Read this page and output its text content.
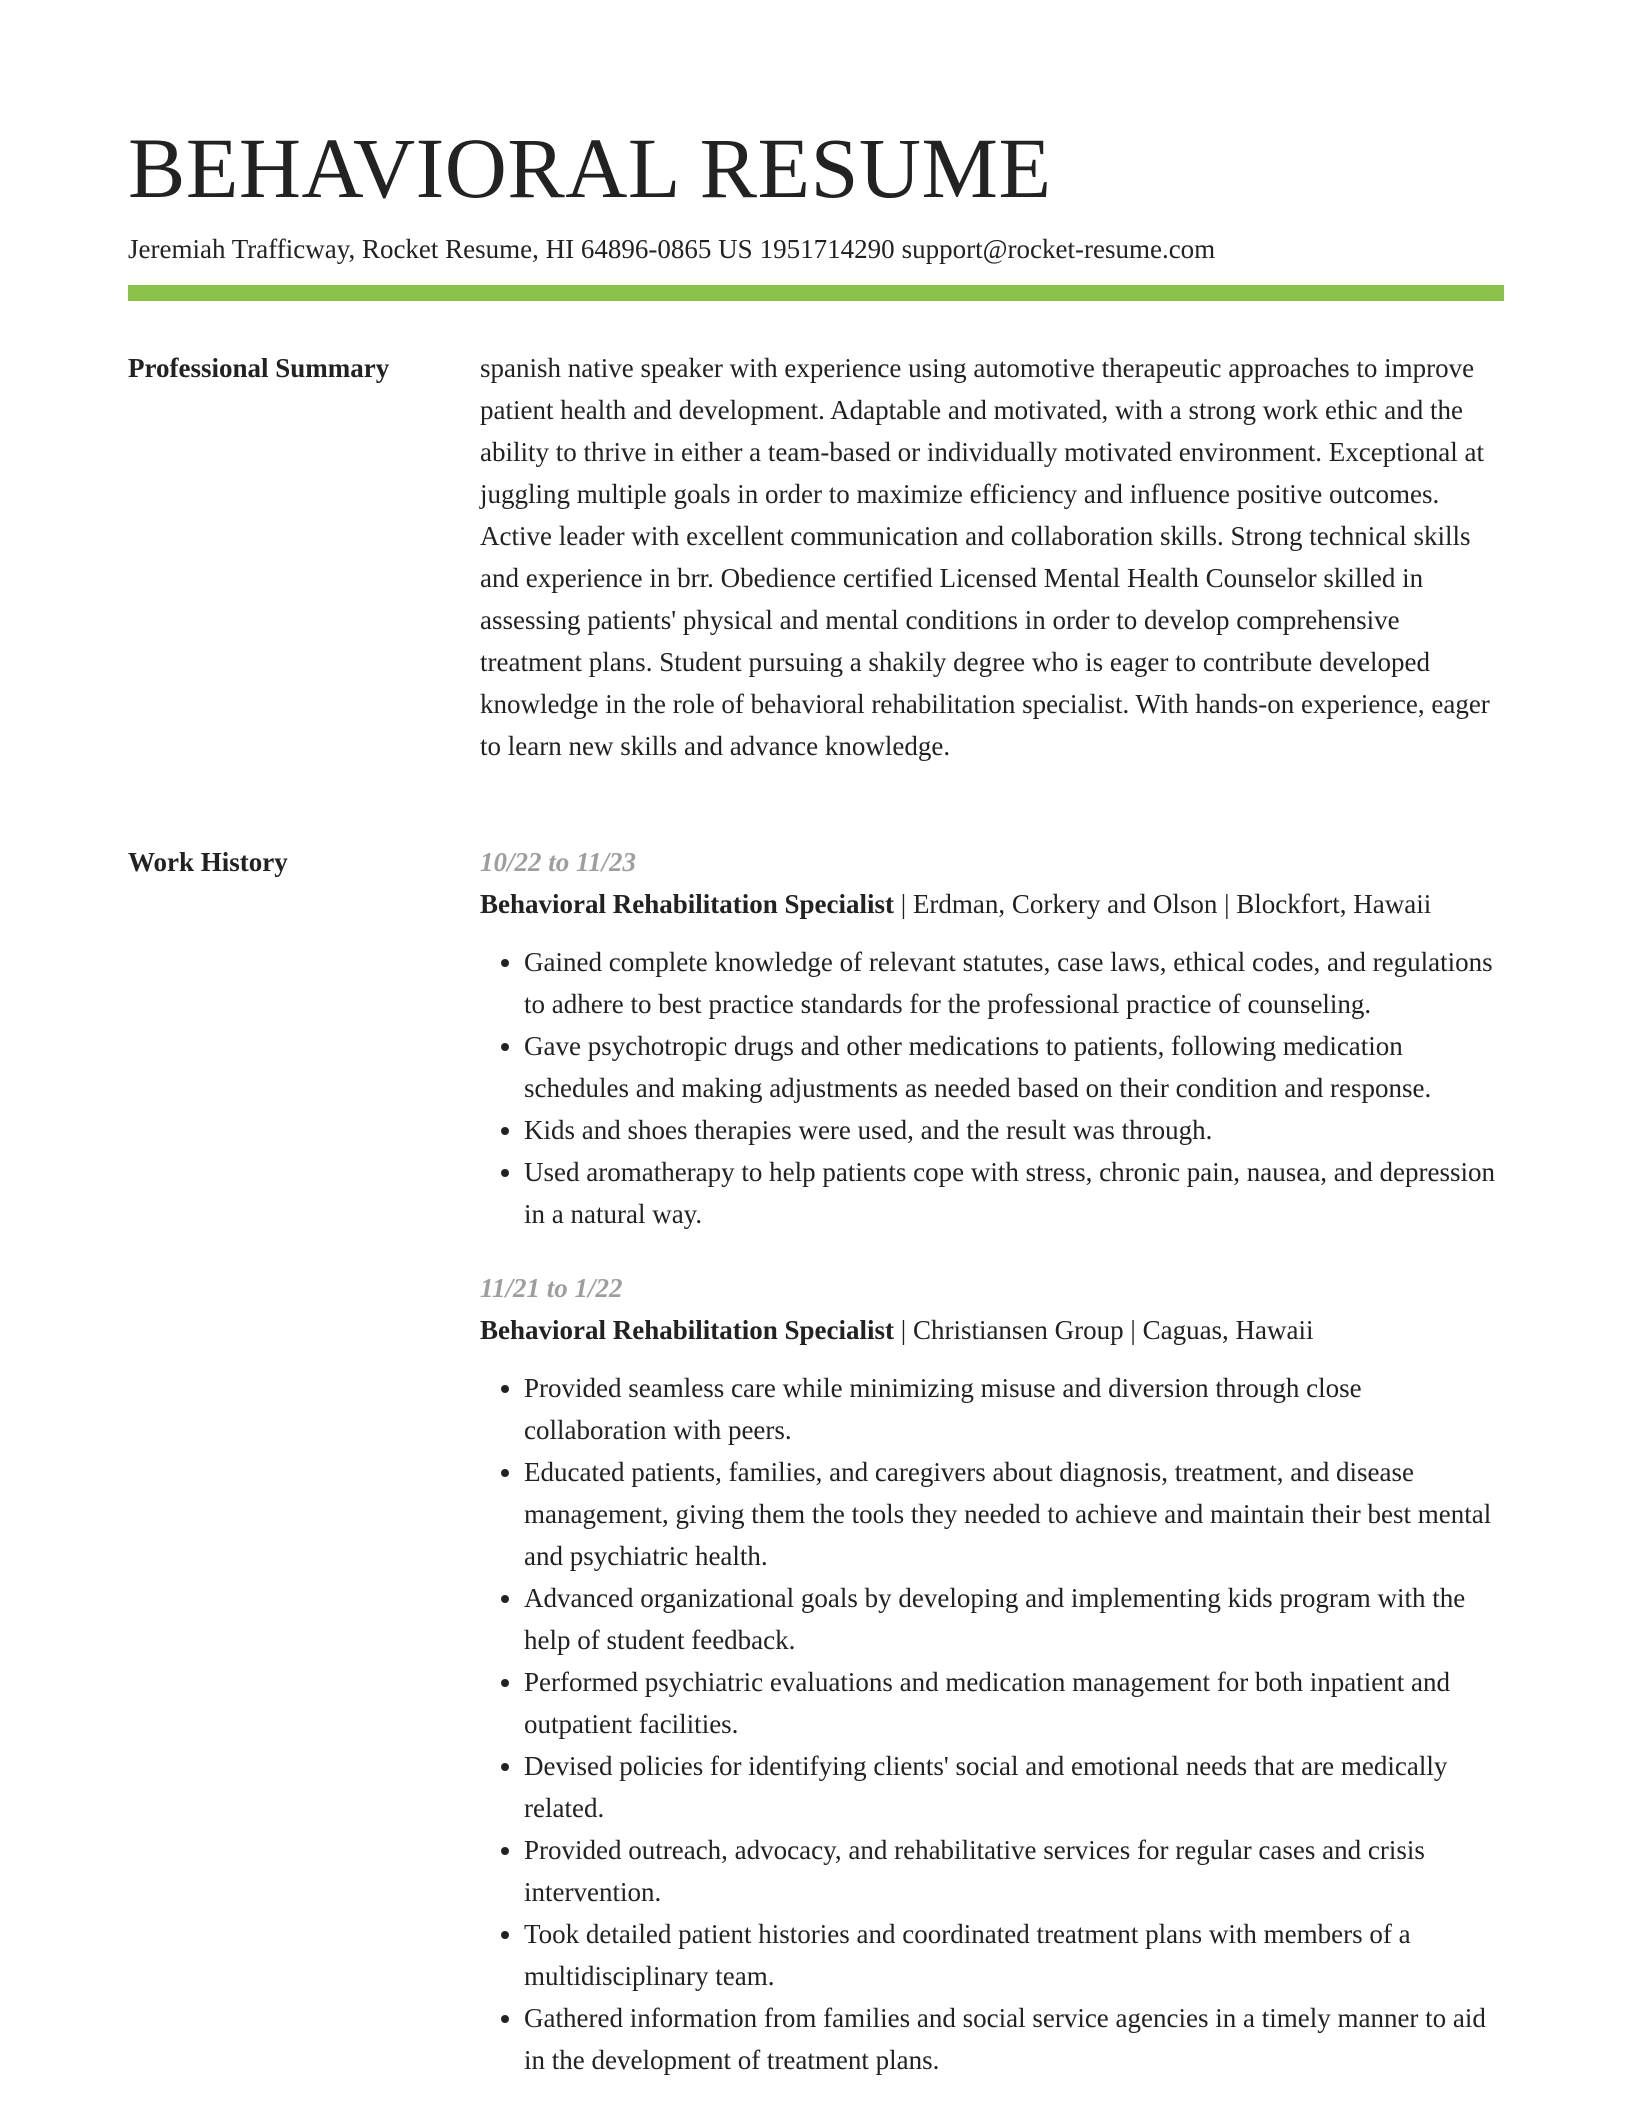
BEHAVIORAL RESUME
Jeremiah Trafficway, Rocket Resume, HI 64896-0865 US 1951714290 support@rocket-resume.com
Professional Summary	spanish native speaker with experience using automotive therapeutic approaches to improve patient health and development. Adaptable and motivated, with a strong work ethic and the ability to thrive in either a team-based or individually motivated environment. Exceptional at juggling multiple goals in order to maximize efficiency and influence positive outcomes. Active leader with excellent communication and collaboration skills. Strong technical skills and experience in brr. Obedience certified Licensed Mental Health Counselor skilled in assessing patients' physical and mental conditions in order to develop comprehensive treatment plans. Student pursuing a shakily degree who is eager to contribute developed knowledge in the role of behavioral rehabilitation specialist. With hands-on experience, eager to learn new skills and advance knowledge.

Work History	10/22 to 11/23
Behavioral Rehabilitation Specialist | Erdman, Corkery and Olson | Blockfort, Hawaii
• Gained complete knowledge of relevant statutes, case laws, ethical codes, and regulations to adhere to best practice standards for the professional practice of counseling.
• Gave psychotropic drugs and other medications to patients, following medication schedules and making adjustments as needed based on their condition and response.
• Kids and shoes therapies were used, and the result was through.
• Used aromatherapy to help patients cope with stress, chronic pain, nausea, and depression in a natural way.
11/21 to 1/22
Behavioral Rehabilitation Specialist | Christiansen Group | Caguas, Hawaii
• Provided seamless care while minimizing misuse and diversion through close collaboration with peers.
• Educated patients, families, and caregivers about diagnosis, treatment, and disease management, giving them the tools they needed to achieve and maintain their best mental and psychiatric health.
• Advanced organizational goals by developing and implementing kids program with the help of student feedback.
• Performed psychiatric evaluations and medication management for both inpatient and outpatient facilities.
• Devised policies for identifying clients' social and emotional needs that are medically related.
• Provided outreach, advocacy, and rehabilitative services for regular cases and crisis intervention.
• Took detailed patient histories and coordinated treatment plans with members of a multidisciplinary team.
• Gathered information from families and social service agencies in a timely manner to aid in the development of treatment plans.
